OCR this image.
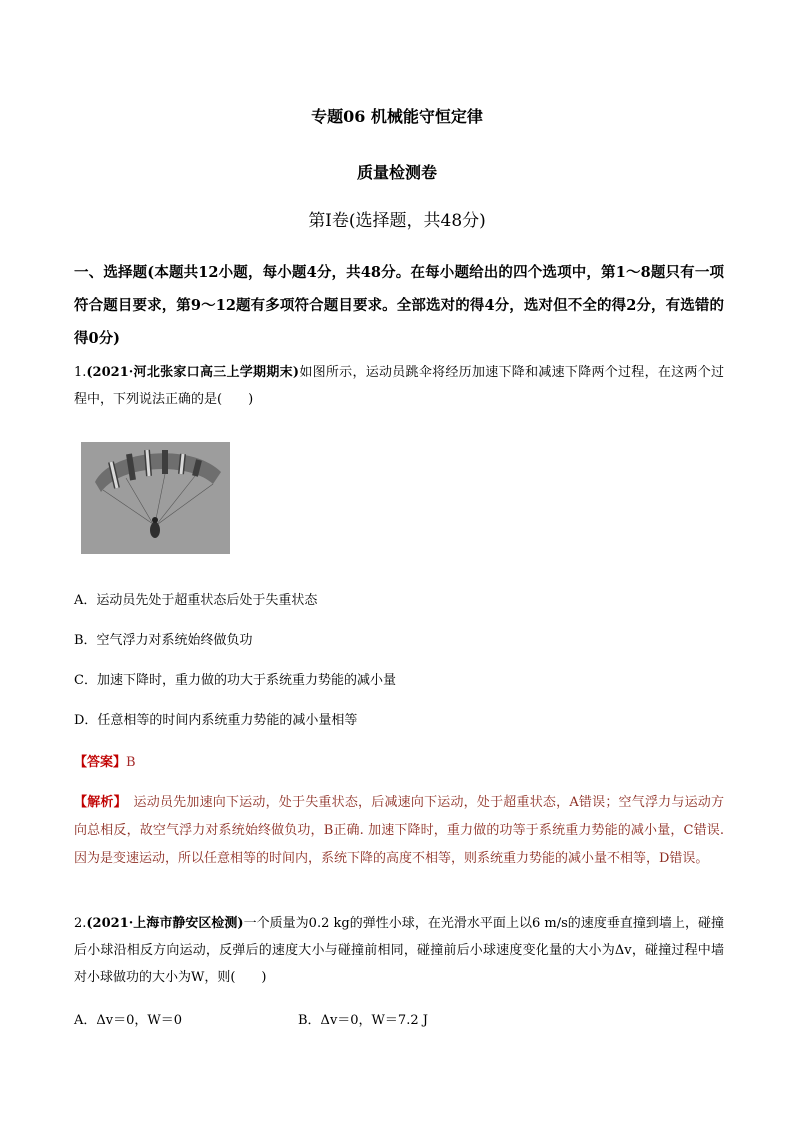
专题06 机械能守恒定律
质量检测卷
第Ⅰ卷(选择题，共48分)
一、选择题(本题共12小题，每小题4分，共48分。在每小题给出的四个选项中，第1～8题只有一项符合题目要求，第9～12题有多项符合题目要求。全部选对的得4分，选对但不全的得2分，有选错的得0分)
1.(2021·河北张家口高三上学期期末)如图所示，运动员跳伞将经历加速下降和减速下降两个过程，在这两个过程中，下列说法正确的是(　　)
A．运动员先处于超重状态后处于失重状态
B．空气浮力对系统始终做负功
C．加速下降时，重力做的功大于系统重力势能的减小量
D．任意相等的时间内系统重力势能的减小量相等
【答案】B
【解析】　运动员先加速向下运动，处于失重状态，后减速向下运动，处于超重状态，A错误；空气浮力与运动方向总相反，故空气浮力对系统始终做负功，B正确. 加速下降时，重力做的功等于系统重力势能的减小量，C错误. 因为是变速运动，所以任意相等的时间内，系统下降的高度不相等，则系统重力势能的减小量不相等，D错误。
2.(2021·上海市静安区检测)一个质量为0.2 kg的弹性小球，在光滑水平面上以6 m/s的速度垂直撞到墙上，碰撞后小球沿相反方向运动，反弹后的速度大小与碰撞前相同，碰撞前后小球速度变化量的大小为Δv，碰撞过程中墙对小球做功的大小为W，则(　　)
A．Δv＝0，W＝0	B．Δv＝0，W＝7.2 J
